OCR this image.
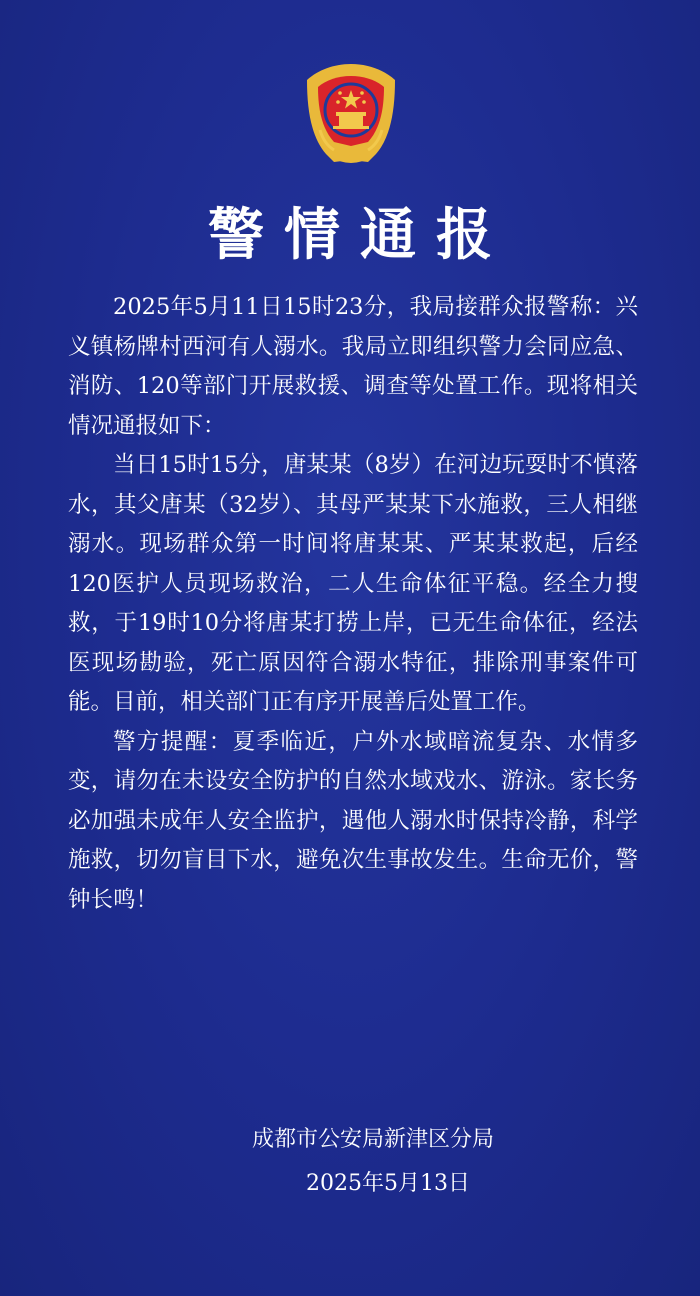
警情通报

2025年5月11日15时23分，我局接群众报警称：兴义镇杨牌村西河有人溺水。我局立即组织警力会同应急、消防、120等部门开展救援、调查等处置工作。现将相关情况通报如下：

当日15时15分，唐某某（8岁）在河边玩耍时不慎落水，其父唐某（32岁）、其母严某某下水施救，三人相继溺水。现场群众第一时间将唐某某、严某某救起，后经120医护人员现场救治，二人生命体征平稳。经全力搜救，于19时10分将唐某打捞上岸，已无生命体征，经法医现场勘验，死亡原因符合溺水特征，排除刑事案件可能。目前，相关部门正有序开展善后处置工作。

警方提醒：夏季临近，户外水域暗流复杂、水情多变，请勿在未设安全防护的自然水域戏水、游泳。家长务必加强未成年人安全监护，遇他人溺水时保持冷静，科学施救，切勿盲目下水，避免次生事故发生。生命无价，警钟长鸣！

成都市公安局新津区分局
2025年5月13日
